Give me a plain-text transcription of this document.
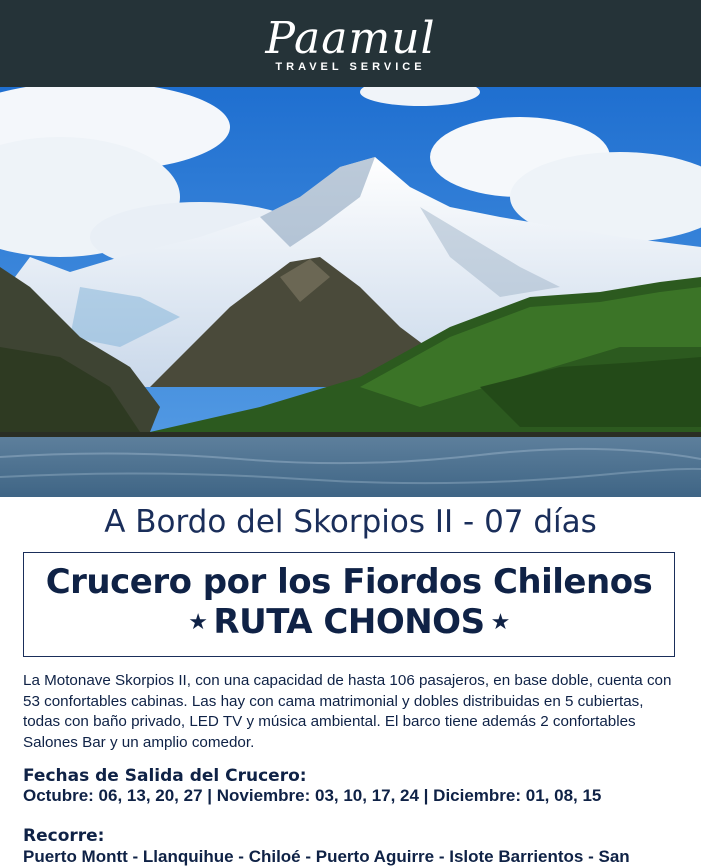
Paamul
TRAVEL SERVICE
A Bordo del Skorpios II - 07 días
Crucero por los Fiordos Chilenos
★ RUTA CHONOS ★
La Motonave Skorpios II, con una capacidad de hasta 106 pasajeros, en base doble, cuenta con 53 confortables cabinas. Las hay con cama matrimonial y dobles distribuidas en 5 cubiertas, todas con baño privado, LED TV y música ambiental. El barco tiene además 2 confortables Salones Bar y un amplio comedor.
Fechas de Salida del Crucero:
Octubre: 06, 13, 20, 27 | Noviembre: 03, 10, 17, 24 | Diciembre: 01, 08, 15
Recorre:
Puerto Montt - Llanquihue - Chiloé - Puerto Aguirre - Islote Barrientos - San
